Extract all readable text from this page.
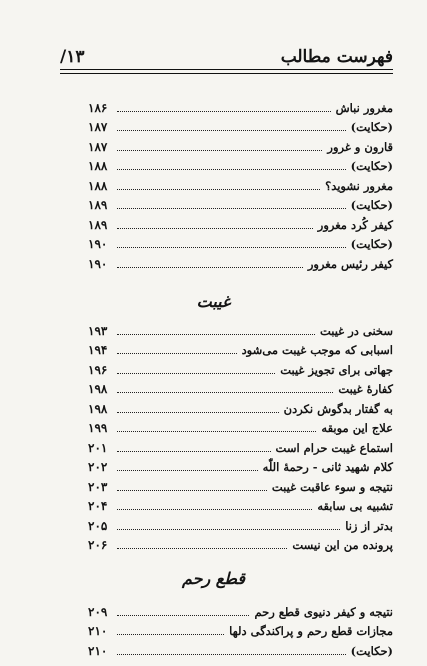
فهرست مطالب
/۱۳
مغرور نباش
۱۸۶
(حکایت)
۱۸۷
قارون و غرور
۱۸۷
(حکایت)
۱۸۸
مغرور نشوید؟
۱۸۸
(حکایت)
۱۸۹
کیفر کُرد مغرور
۱۸۹
(حکایت)
۱۹۰
کیفر رئیس مغرور
۱۹۰
غیبت
سخنی در غیبت
۱۹۳
اسبابی که موجب غیبت می‌شود
۱۹۴
جهاتی برای تجویز غیبت
۱۹۶
کفارهٔ غیبت
۱۹۸
به گفتار بدگوش نکردن
۱۹۸
علاج این موبقه
۱۹۹
استماع غیبت حرام است
۲۰۱
کلام شهید ثانی - رحمهٔ اللّٰه
۲۰۲
نتیجه و سوء عاقبت غیبت
۲۰۳
تشبیه بی سابقه
۲۰۴
بدتر از زنا
۲۰۵
پرونده من این نیست
۲۰۶
قطع رحم
نتیجه و کیفر دنیوی قطع رحم
۲۰۹
مجازات قطع رحم و پراکندگی دلها
۲۱۰
(حکایت)
۲۱۰
